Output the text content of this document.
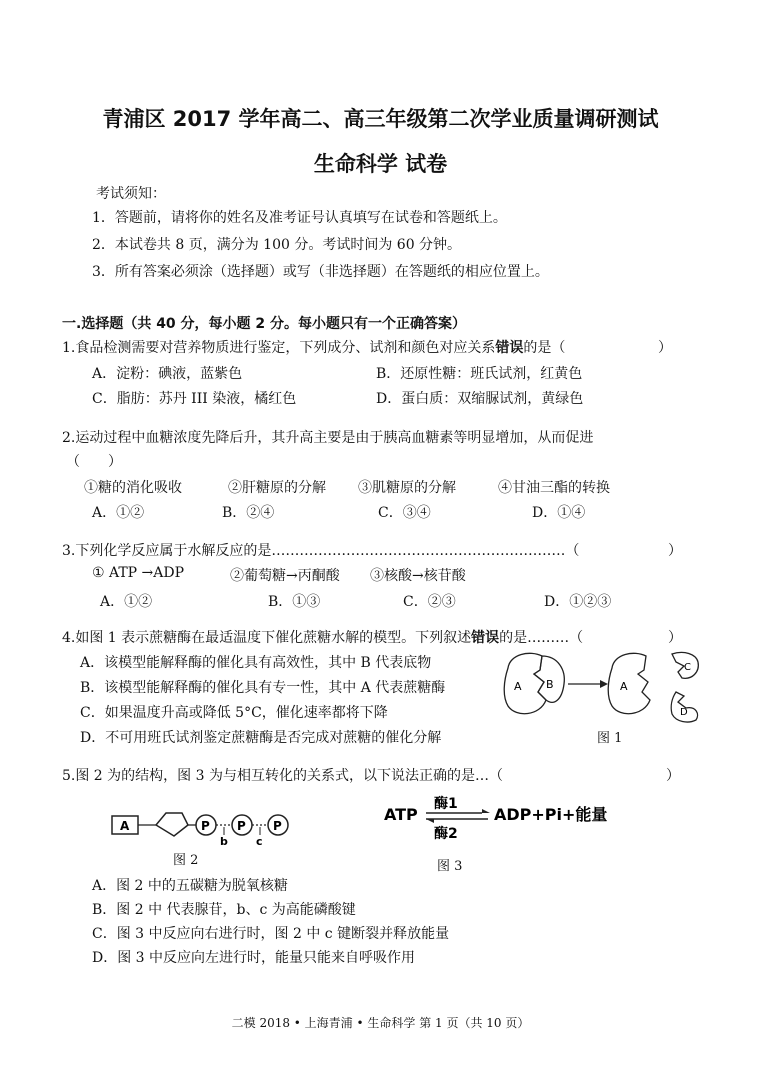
青浦区 2017 学年高二、高三年级第二次学业质量调研测试
生命科学 试卷
考试须知：
1．答题前，请将你的姓名及准考证号认真填写在试卷和答题纸上。
2．本试卷共 8 页，满分为 100 分。考试时间为 60 分钟。
3．所有答案必须涂（选择题）或写（非选择题）在答题纸的相应位置上。
一.选择题（共 40 分，每小题 2 分。每小题只有一个正确答案）
1.食品检测需要对营养物质进行鉴定，下列成分、试剂和颜色对应关系错误的是（	）
A．淀粉：碘液，蓝紫色	B．还原性糖：班氏试剂，红黄色
C．脂肪：苏丹 III 染液，橘红色	D．蛋白质：双缩脲试剂，黄绿色
2.运动过程中血糖浓度先降后升，其升高主要是由于胰高血糖素等明显增加，从而促进
（　　）
①糖的消化吸收	②肝糖原的分解 ③肌糖原的分解	④甘油三酯的转换
A．①②	B．②④	C．③④	D．①④
3.下列化学反应属于水解反应的是………………………………………………………（	）
① ATP →ADP	②葡萄糖→丙酮酸 ③核酸→核苷酸
A．①②	B．①③	C．②③	D．①②③
4.如图 1 表示蔗糖酶在最适温度下催化蔗糖水解的模型。下列叙述错误的是………（	）
A．该模型能解释酶的催化具有高效性，其中 B 代表底物
B．该模型能解释酶的催化具有专一性，其中 A 代表蔗糖酶
C．如果温度升高或降低 5°C，催化速率都将下降
D．不可用班氏试剂鉴定蔗糖酶是否完成对蔗糖的催化分解
A B	A
C
D
图 1
5.图 2 为的结构，图 3 为与相互转化的关系式，以下说法正确的是…（	）
A	P
b
P
c
P
图 2
ATP
酶1
酶2
ADP+Pi+能量
图 3
A．图 2 中的五碳糖为脱氧核糖
B．图 2 中 代表腺苷，b、c 为高能磷酸键
C．图 3 中反应向右进行时，图 2 中 c 键断裂并释放能量
D．图 3 中反应向左进行时，能量只能来自呼吸作用
二模 2018 • 上海青浦 • 生命科学 第 1 页（共 10 页）
